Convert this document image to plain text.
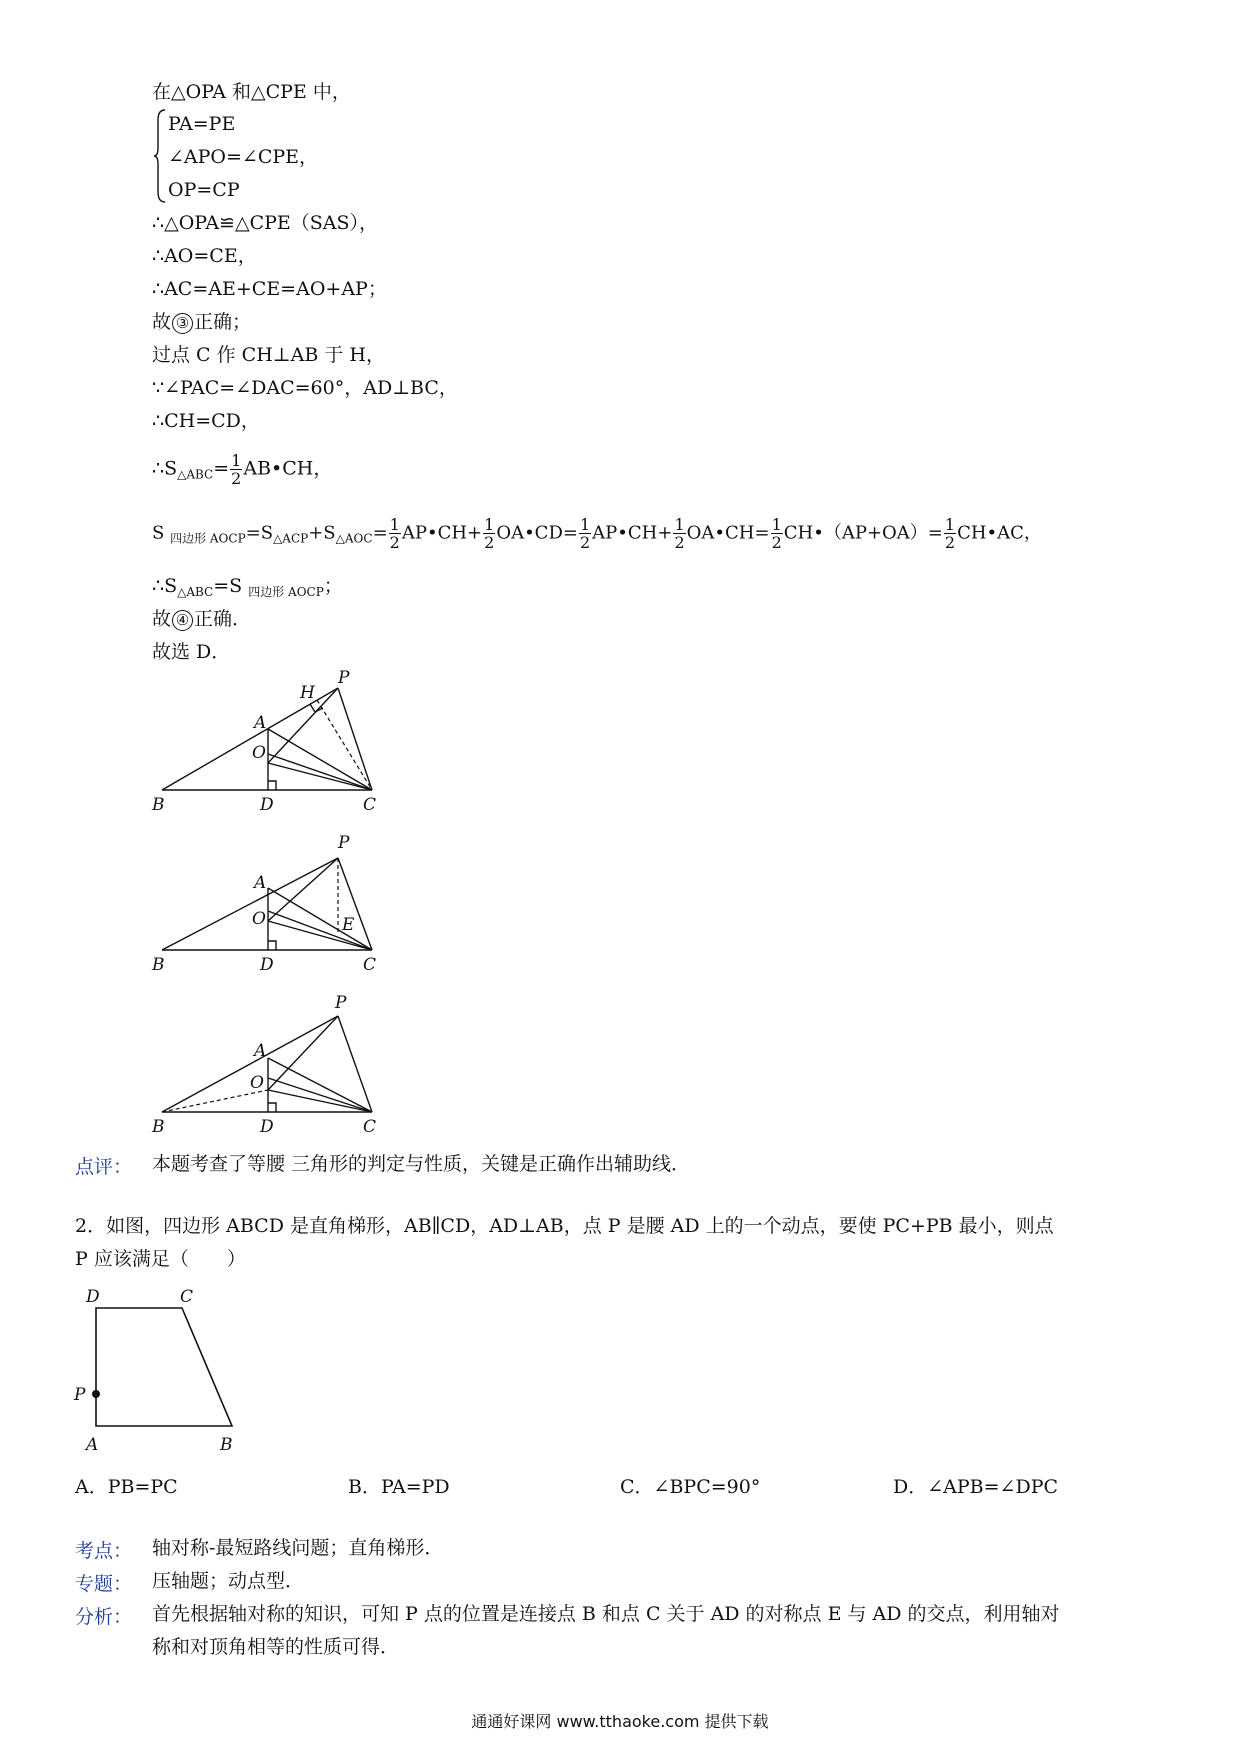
在△OPA 和△CPE 中，
PA=PE
∠APO=∠CPE，
OP=CP
∴△OPA≌△CPE（SAS），
∴AO=CE，
∴AC=AE+CE=AO+AP；
故 ③ 正确；
过点 C 作 CH⊥AB 于 H，
∵∠PAC=∠DAC=60°，AD⊥BC，
∴CH=CD，
$\therefore S_{\triangle ABC}= \frac{1}{2}$ AB•CH，
S $_{四边形 AOCP}=S_{\triangle ACP}+S_{\triangle AOC}= \frac{1}{2}$ AP•CH+ $\frac{1}{2}$ OA•CD= $\frac{1}{2}$ AP•CH+ $\frac{1}{2}$ OA•CH= $\frac{1}{2}$ CH•（AP+OA）= $\frac{1}{2}$ CH•AC，
$\therefore S_{\triangle ABC}=S$ $_{四边形 AOCP}$；
故 ④ 正确．
故选 D．
B	D	C
O
A
H
P
B	D	C
O
A
E
P
B	D	C
O
A
P
点评： 本题考查了等腰 三角形的判定与性质，关键是正确作出辅助线．
2．如图，四边形 ABCD 是直角梯形，AB∥CD，AD⊥AB，点 P 是腰 AD 上的一个动点，要使 PC+PB 最小，则点
P 应该满足（　　）
D	C
P
A	B
A．PB=PC	B．PA=PD	C．∠BPC=90°	D．∠APB=∠DPC
考点： 轴对称-最短路线问题；直角梯形．
专题： 压轴题；动点型．
分析： 首先根据轴对称的知识，可知 P 点的位置是连接点 B 和点 C 关于 AD 的对称点 E 与 AD 的交点，利用轴对
称和对顶角相等的性质可得．
通通好课网 www.tthaoke.com 提供下载
